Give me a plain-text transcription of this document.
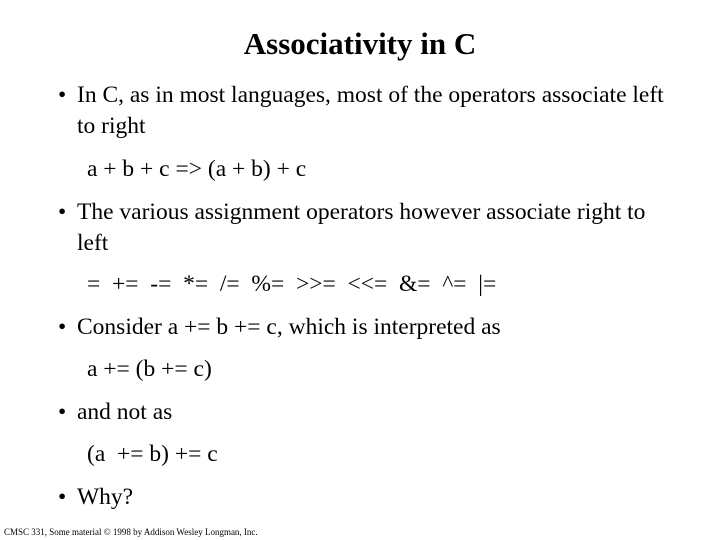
Associativity in C
• In C, as in most languages, most of the operators associate left to right
a + b + c => (a + b) + c
• The various assignment operators however associate right to left
=  +=  -=  *=  /=  %=  >>=  <<=  &=  ^=  |=
• Consider a += b += c, which is interpreted as
a += (b += c)
• and not as
(a  += b) += c
• Why?
CMSC 331, Some material © 1998 by Addison Wesley Longman, Inc.
